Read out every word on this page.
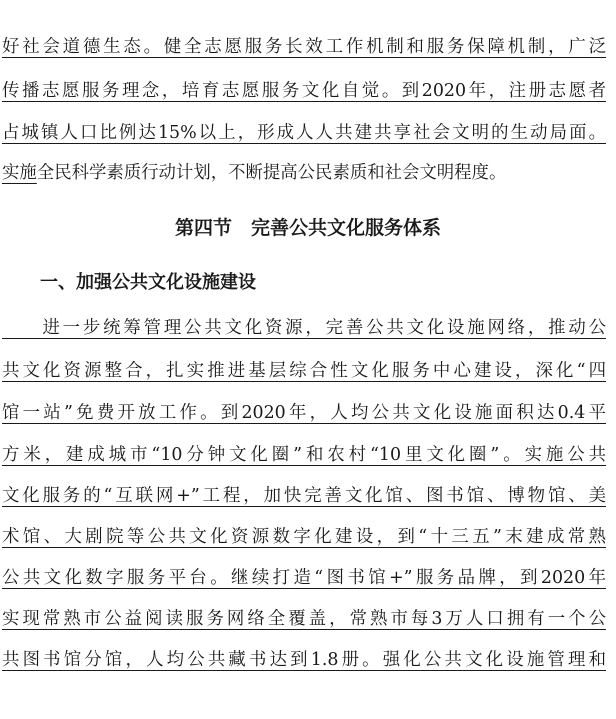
好社会道德生态。健全志愿服务长效工作机制和服务保障机制，广泛
传播志愿服务理念，培育志愿服务文化自觉。到2020年，注册志愿者
占城镇人口比例达15%以上，形成人人共建共享社会文明的生动局面。
实施全民科学素质行动计划，不断提高公民素质和社会文明程度。
第四节　完善公共文化服务体系
一、加强公共文化设施建设
　　进一步统筹管理公共文化资源，完善公共文化设施网络，推动公
共文化资源整合，扎实推进基层综合性文化服务中心建设，深化“四
馆一站”免费开放工作。到2020年，人均公共文化设施面积达0.4平
方米，建成城市“10分钟文化圈”和农村“10里文化圈”。实施公共
文化服务的“互联网+”工程，加快完善文化馆、图书馆、博物馆、美
术馆、大剧院等公共文化资源数字化建设，到“十三五”末建成常熟
公共文化数字服务平台。继续打造“图书馆+”服务品牌，到2020年
实现常熟市公益阅读服务网络全覆盖，常熟市每3万人口拥有一个公
共图书馆分馆，人均公共藏书达到1.8册。强化公共文化设施管理和
